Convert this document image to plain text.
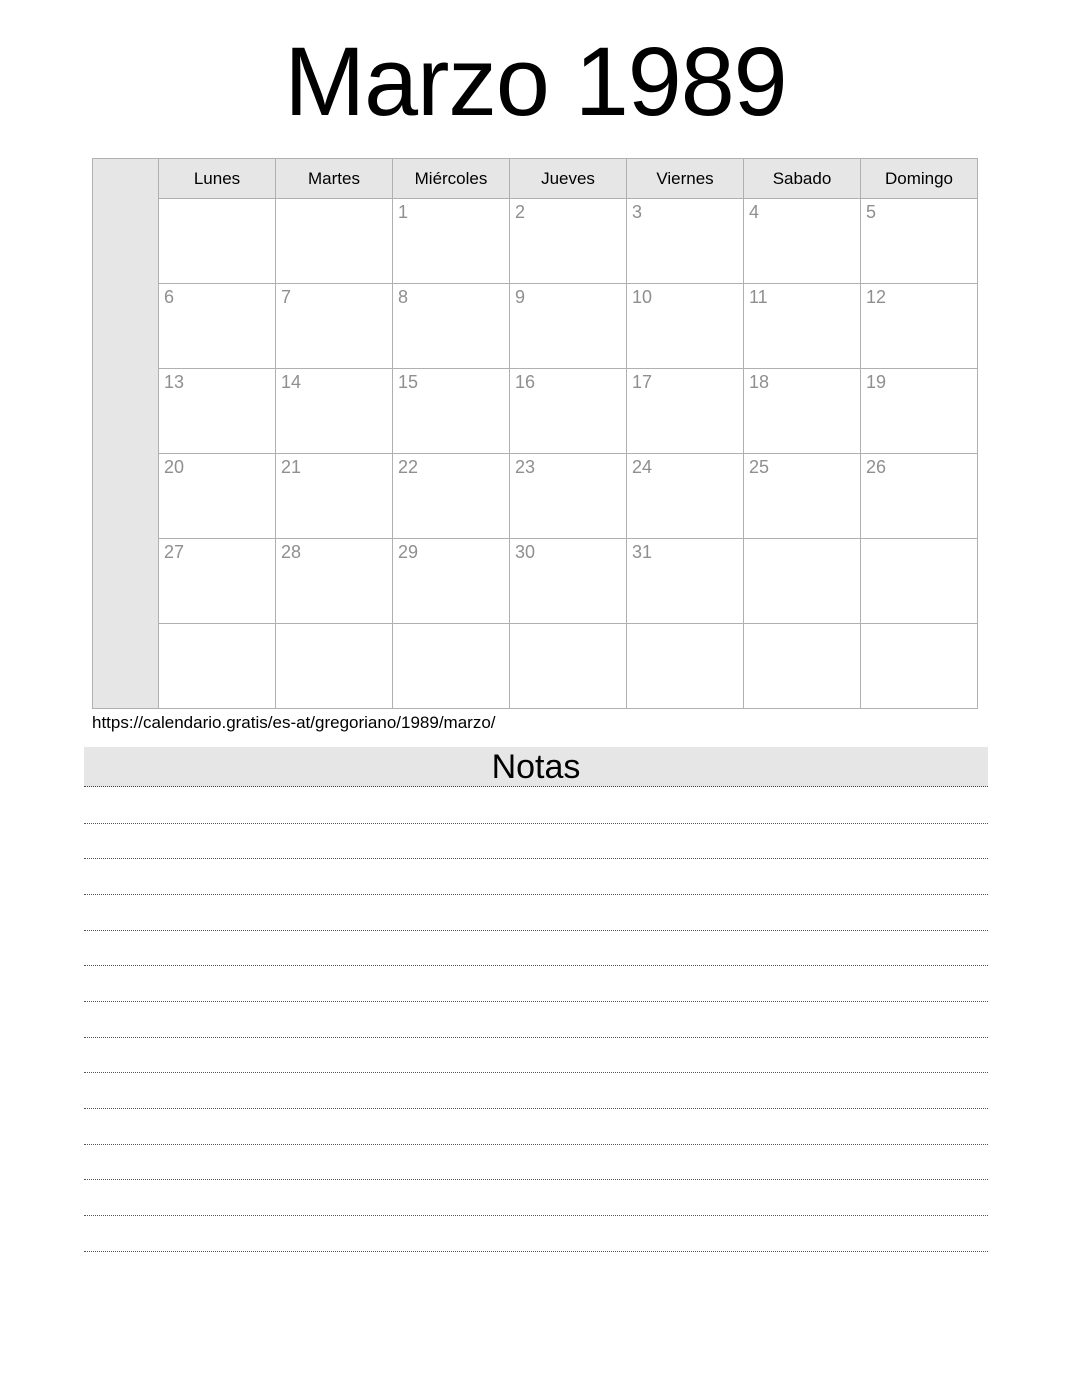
Marzo 1989
	Lunes	Martes	Miércoles	Jueves	Viernes	Sabado	Domingo
			1	2	3	4	5
	6	7	8	9	10	11	12
	13	14	15	16	17	18	19
	20	21	22	23	24	25	26
	27	28	29	30	31		

https://calendario.gratis/es-at/gregoriano/1989/marzo/
Notas
